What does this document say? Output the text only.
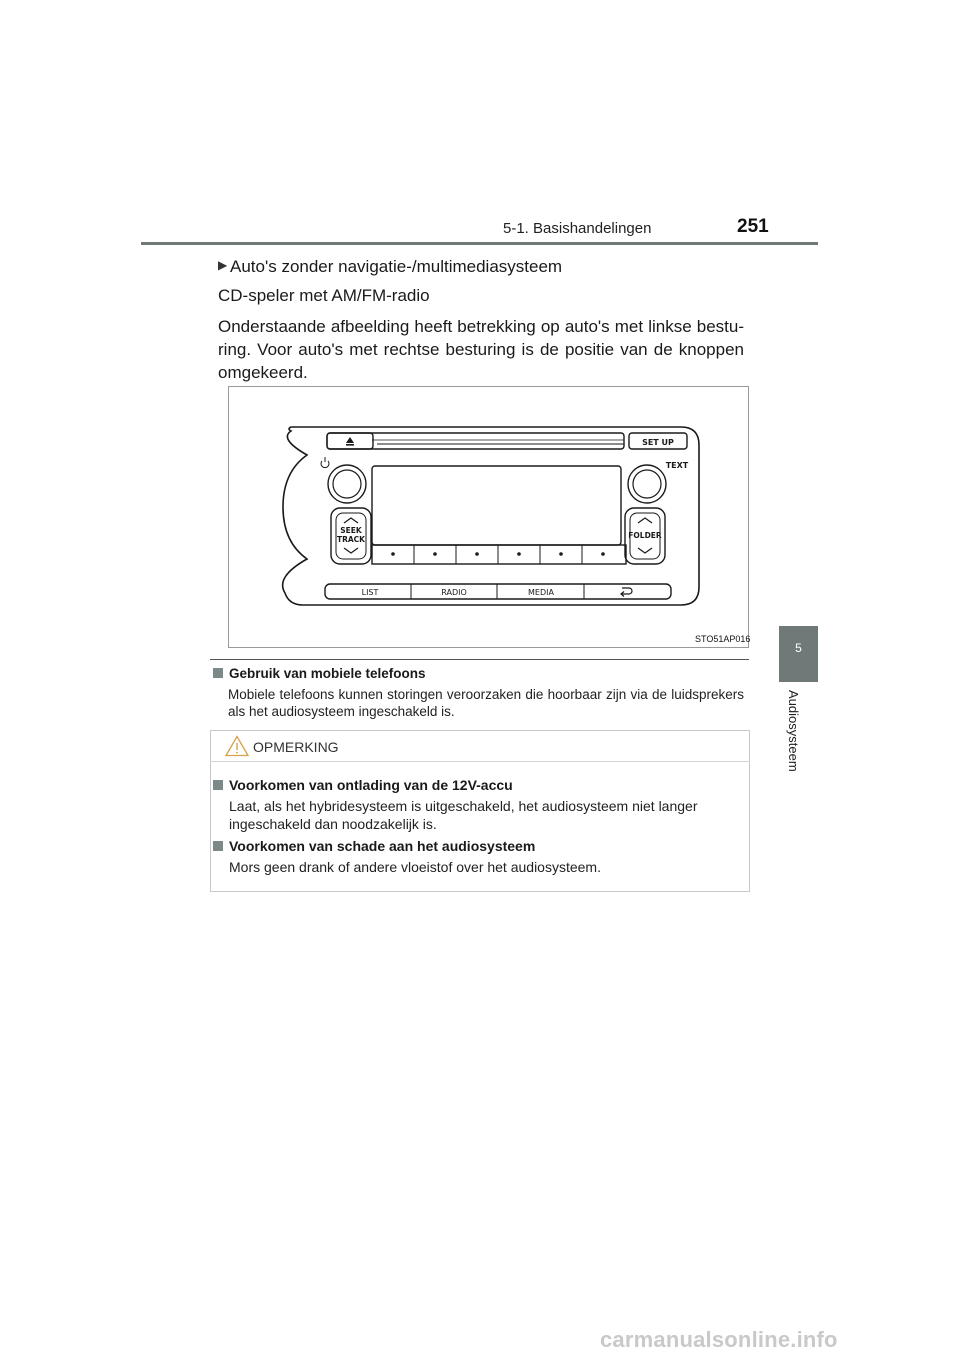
5-1. Basishandelingen	251
5
Audiosysteem
▶ Auto's zonder navigatie-/multimediasysteem
CD-speler met AM/FM-radio
Onderstaande afbeelding heeft betrekking op auto's met linkse bestu-ring. Voor auto's met rechtse besturing is de positie van de knoppen omgekeerd.
SET UP
TEXT
SEEK
TRACK	FOLDER
LIST	RADIO	MEDIA
STO51AP016
Gebruik van mobiele telefoons
Mobiele telefoons kunnen storingen veroorzaken die hoorbaar zijn via de luidsprekers als het audiosysteem ingeschakeld is.
OPMERKING
Voorkomen van ontlading van de 12V-accu
Laat, als het hybridesysteem is uitgeschakeld, het audiosysteem niet langer ingeschakeld dan noodzakelijk is.
Voorkomen van schade aan het audiosysteem
Mors geen drank of andere vloeistof over het audiosysteem.
carmanualsonline.info
